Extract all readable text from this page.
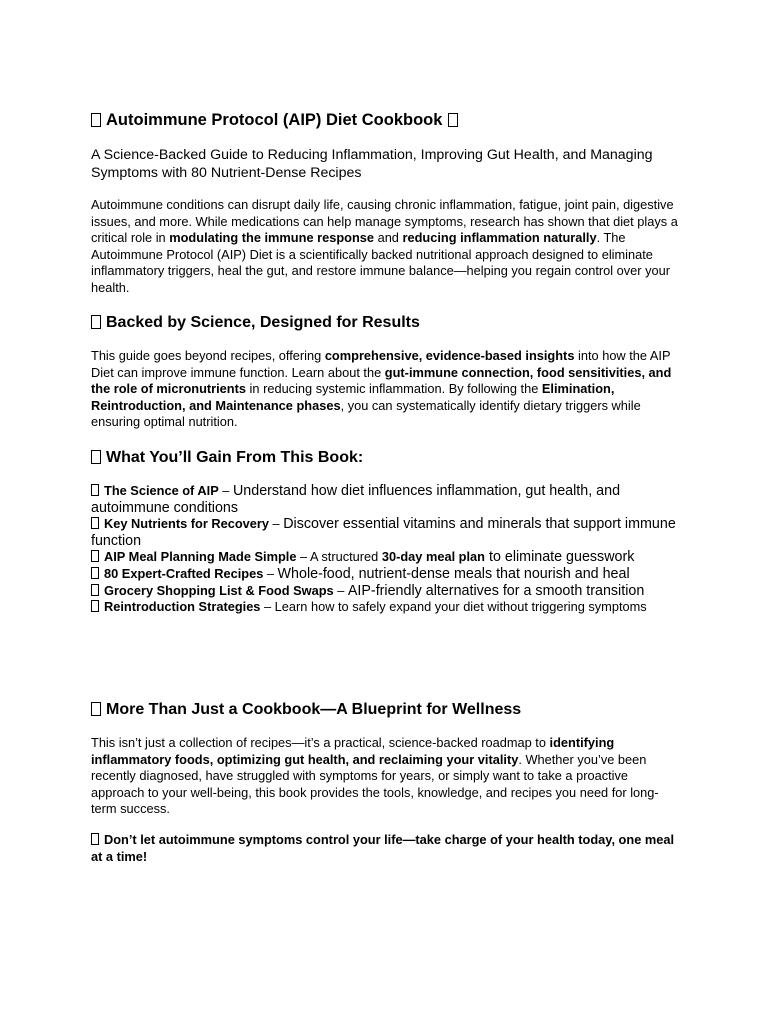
Autoimmune Protocol (AIP) Diet Cookbook
A Science-Backed Guide to Reducing Inflammation, Improving Gut Health, and Managing Symptoms with 80 Nutrient-Dense Recipes
Autoimmune conditions can disrupt daily life, causing chronic inflammation, fatigue, joint pain, digestive issues, and more. While medications can help manage symptoms, research has shown that diet plays a critical role in modulating the immune response and reducing inflammation naturally. The Autoimmune Protocol (AIP) Diet is a scientifically backed nutritional approach designed to eliminate inflammatory triggers, heal the gut, and restore immune balance—helping you regain control over your health.
Backed by Science, Designed for Results
This guide goes beyond recipes, offering comprehensive, evidence-based insights into how the AIP Diet can improve immune function. Learn about the gut-immune connection, food sensitivities, and the role of micronutrients in reducing systemic inflammation. By following the Elimination, Reintroduction, and Maintenance phases, you can systematically identify dietary triggers while ensuring optimal nutrition.
What You’ll Gain From This Book:
The Science of AIP – Understand how diet influences inflammation, gut health, and autoimmune conditions
Key Nutrients for Recovery – Discover essential vitamins and minerals that support immune function
AIP Meal Planning Made Simple – A structured 30-day meal plan to eliminate guesswork
80 Expert-Crafted Recipes – Whole-food, nutrient-dense meals that nourish and heal
Grocery Shopping List & Food Swaps – AIP-friendly alternatives for a smooth transition
Reintroduction Strategies – Learn how to safely expand your diet without triggering symptoms
More Than Just a Cookbook—A Blueprint for Wellness
This isn’t just a collection of recipes—it’s a practical, science-backed roadmap to identifying inflammatory foods, optimizing gut health, and reclaiming your vitality. Whether you’ve been recently diagnosed, have struggled with symptoms for years, or simply want to take a proactive approach to your well-being, this book provides the tools, knowledge, and recipes you need for long-term success.
Don’t let autoimmune symptoms control your life—take charge of your health today, one meal at a time!
